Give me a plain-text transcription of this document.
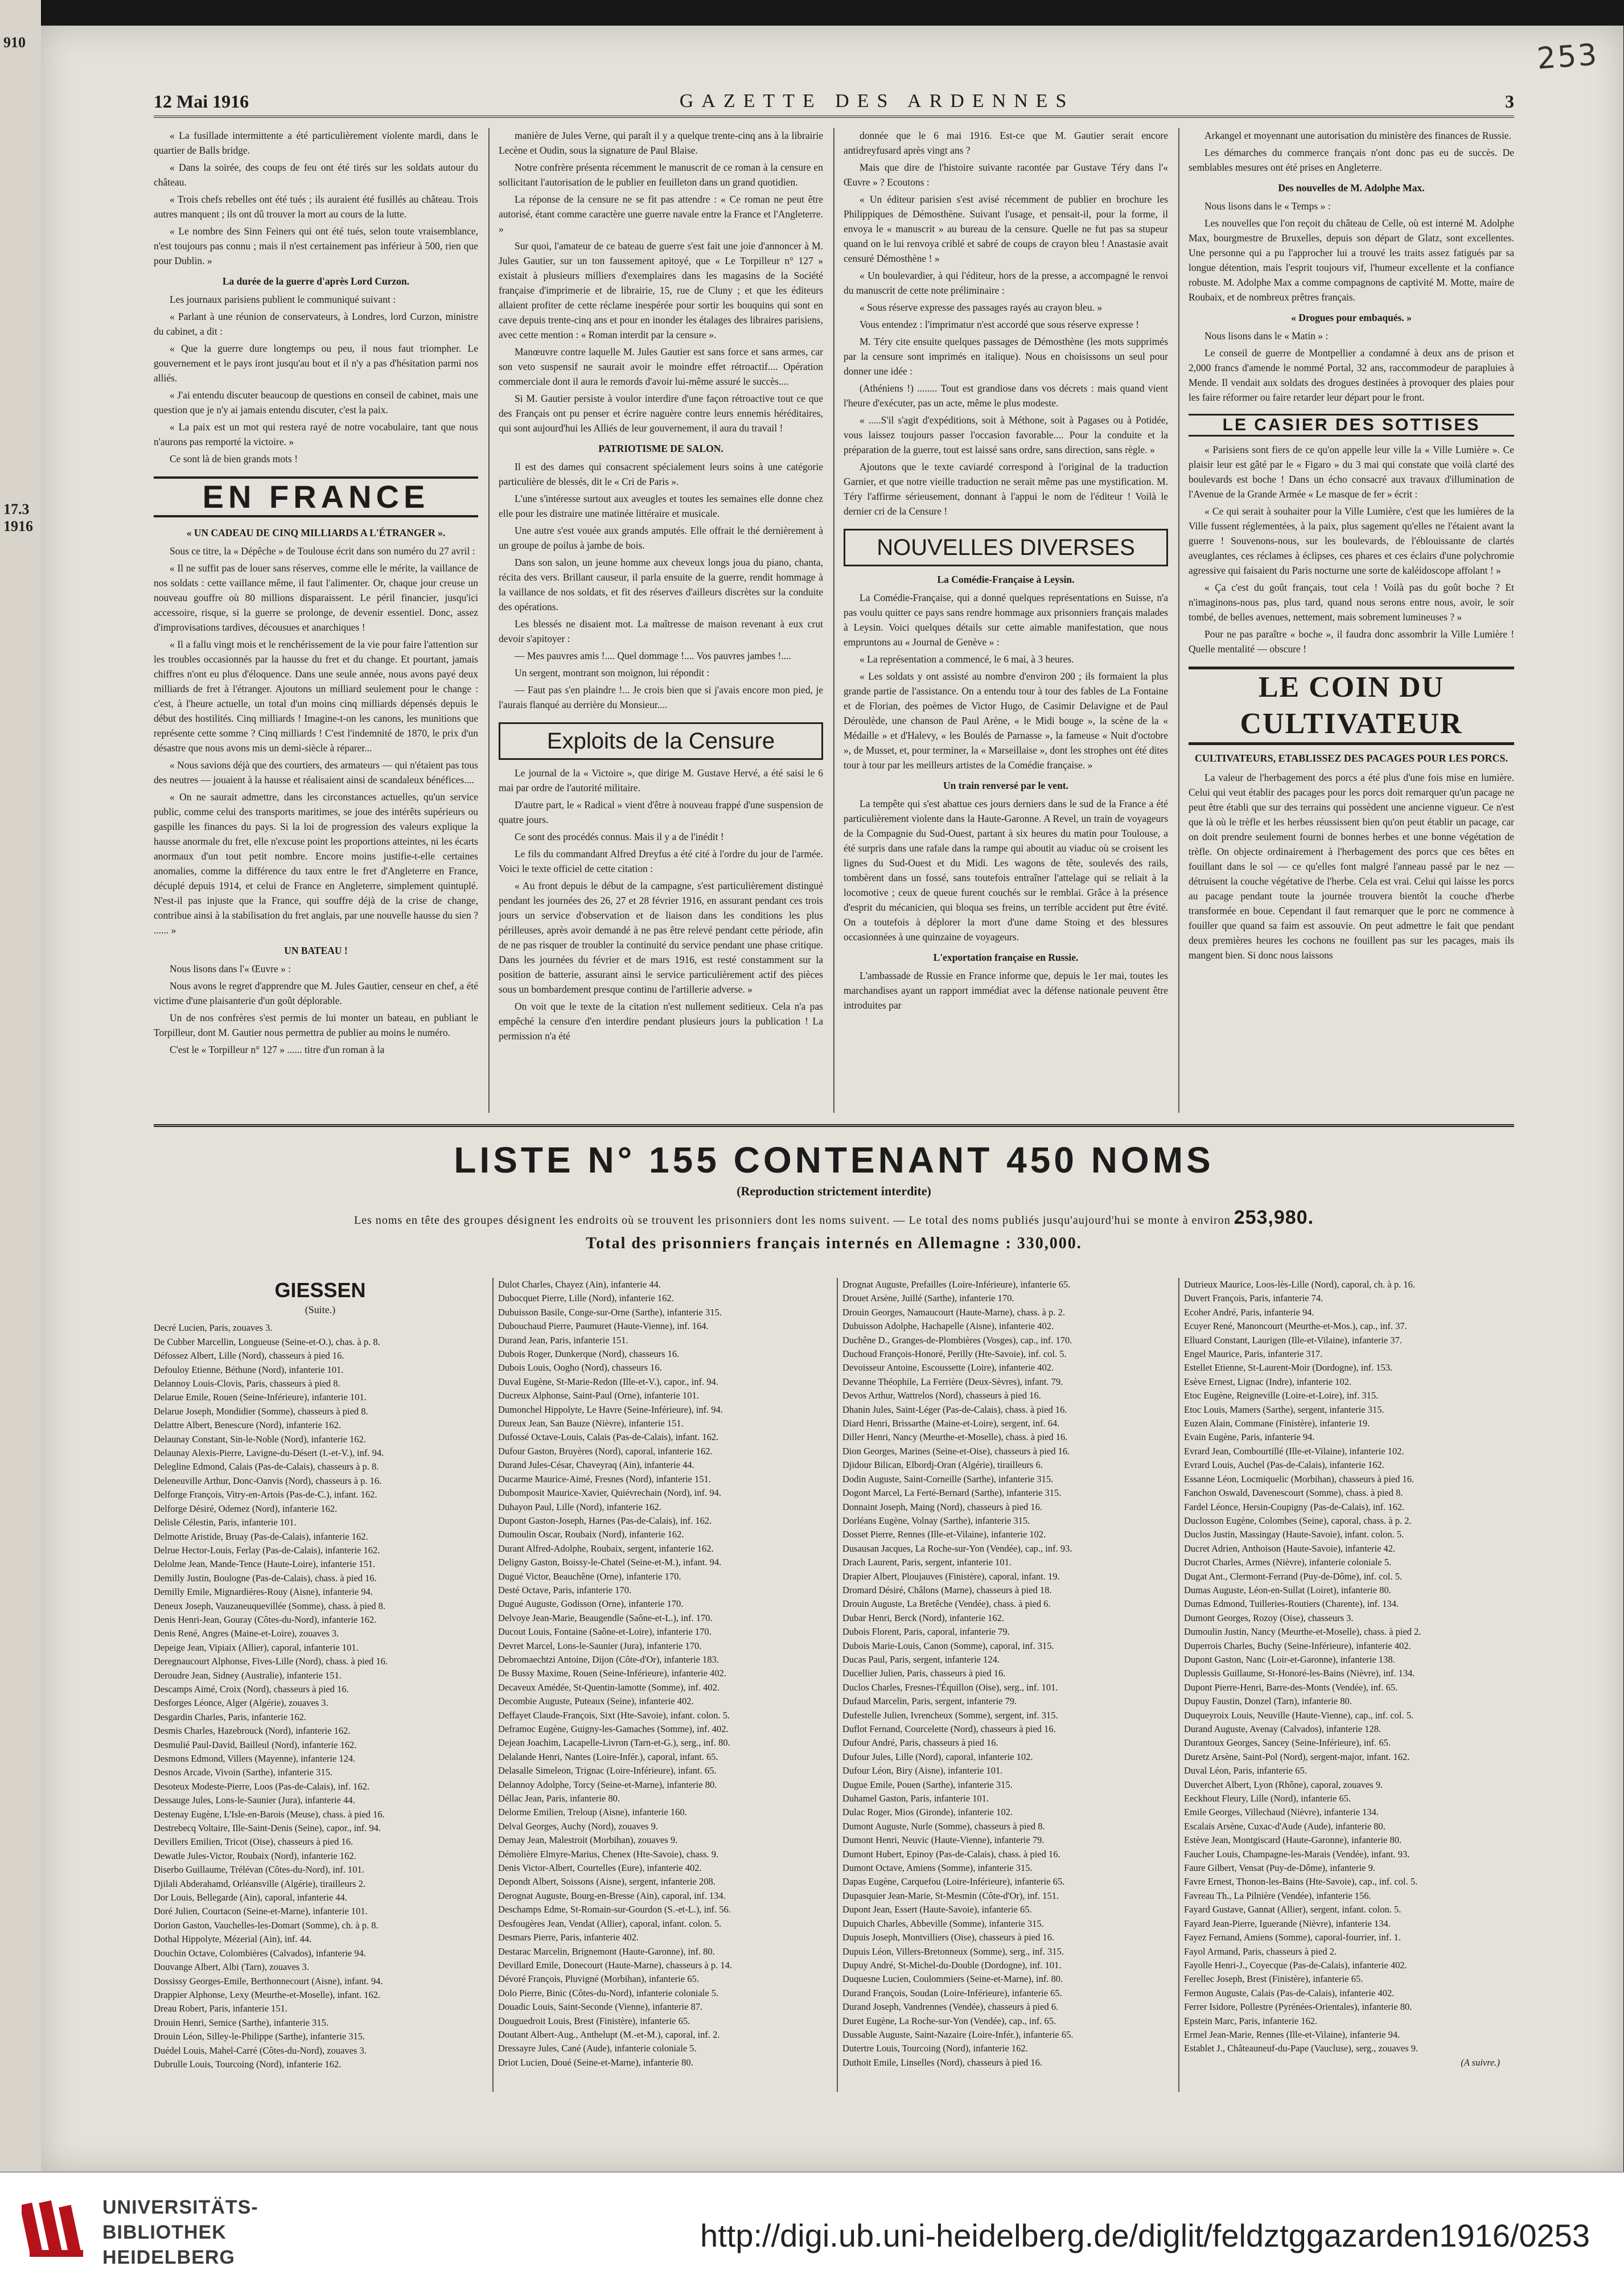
910
17.3
1916
253
12 Mai 1916	GAZETTE DES ARDENNES	3

« La fusillade intermittente a été particulièrement violente mardi, dans le quartier de Balls bridge.

« Dans la soirée, des coups de feu ont été tirés sur les soldats autour du château.

« Trois chefs rebelles ont été tués ; ils auraient été fusillés au château. Trois autres manquent ; ils ont dû trouver la mort au cours de la lutte.

« Le nombre des Sinn Feiners qui ont été tués, selon toute vraisemblance, n'est toujours pas connu ; mais il n'est certainement pas inférieur à 500, rien que pour Dublin. »

La durée de la guerre d'après Lord Curzon.

Les journaux parisiens publient le communiqué suivant :

« Parlant à une réunion de conservateurs, à Londres, lord Curzon, ministre du cabinet, a dit :

« Que la guerre dure longtemps ou peu, il nous faut triompher. Le gouvernement et le pays iront jusqu'au bout et il n'y a pas d'hésitation parmi nos alliés.

« J'ai entendu discuter beaucoup de questions en conseil de cabinet, mais une question que je n'y ai jamais entendu discuter, c'est la paix.

« La paix est un mot qui restera rayé de notre vocabulaire, tant que nous n'aurons pas remporté la victoire. »

Ce sont là de bien grands mots !

EN FRANCE

« UN CADEAU DE CINQ MILLIARDS A L'ÉTRANGER ».

Sous ce titre, la « Dépêche » de Toulouse écrit dans son numéro du 27 avril :

« Il ne suffit pas de louer sans réserves, comme elle le mérite, la vaillance de nos soldats : cette vaillance même, il faut l'alimenter. Or, chaque jour creuse un nouveau gouffre où 80 millions disparaissent. Le péril financier, jusqu'ici accessoire, risque, si la guerre se prolonge, de devenir essentiel. Donc, assez d'improvisations tardives, décousues et anarchiques !

« Il a fallu vingt mois et le renchérissement de la vie pour faire l'attention sur les troubles occasionnés par la hausse du fret et du change. Et pourtant, jamais chiffres n'ont eu plus d'éloquence. Dans une seule année, nous avons payé deux milliards de fret à l'étranger. Ajoutons un milliard seulement pour le change : c'est, à l'heure actuelle, un total d'un moins cinq milliards dépensés depuis le début des hostilités. Cinq milliards ! Imagine-t-on les canons, les munitions que représente cette somme ? Cinq milliards ! C'est l'indemnité de 1870, le prix d'un désastre que nous avons mis un demi-siècle à réparer...

« Nous savions déjà que des courtiers, des armateurs — qui n'étaient pas tous des neutres — jouaient à la hausse et réalisaient ainsi de scandaleux bénéfices....

« On ne saurait admettre, dans les circonstances actuelles, qu'un service public, comme celui des transports maritimes, se joue des intérêts supérieurs ou gaspille les finances du pays. Si la loi de progression des valeurs explique la hausse anormale du fret, elle n'excuse point les proportions atteintes, ni les écarts anormaux d'un tout petit nombre. Encore moins justifie-t-elle certaines anomalies, comme la différence du taux entre le fret d'Angleterre en France, décuplé depuis 1914, et celui de France en Angleterre, simplement quintuplé. N'est-il pas injuste que la France, qui souffre déjà de la crise de change, contribue ainsi à la stabilisation du fret anglais, par une nouvelle hausse du sien ? ...... »

UN BATEAU !

Nous lisons dans l'« Œuvre » :

Nous avons le regret d'apprendre que M. Jules Gautier, censeur en chef, a été victime d'une plaisanterie d'un goût déplorable.

Un de nos confrères s'est permis de lui monter un bateau, en publiant le Torpilleur, dont M. Gautier nous permettra de publier au moins le numéro.

C'est le « Torpilleur n° 127 » ...... titre d'un roman à la

manière de Jules Verne, qui paraît il y a quelque trente-cinq ans à la librairie Lecène et Oudin, sous la signature de Paul Blaise.

Notre confrère présenta récemment le manuscrit de ce roman à la censure en sollicitant l'autorisation de le publier en feuilleton dans un grand quotidien.

La réponse de la censure ne se fit pas attendre : « Ce roman ne peut être autorisé, étant comme caractère une guerre navale entre la France et l'Angleterre. »

Sur quoi, l'amateur de ce bateau de guerre s'est fait une joie d'annoncer à M. Jules Gautier, sur un ton faussement apitoyé, que « Le Torpilleur n° 127 » existait à plusieurs milliers d'exemplaires dans les magasins de la Société française d'imprimerie et de librairie, 15, rue de Cluny ; et que les éditeurs allaient profiter de cette réclame inespérée pour sortir les bouquins qui sont en cave depuis trente-cinq ans et pour en inonder les étalages des libraires parisiens, avec cette mention : « Roman interdit par la censure ».

Manœuvre contre laquelle M. Jules Gautier est sans force et sans armes, car son veto suspensif ne saurait avoir le moindre effet rétroactif.... Opération commerciale dont il aura le remords d'avoir lui-même assuré le succès....

Si M. Gautier persiste à voulor interdire d'une façon rétroactive tout ce que des Français ont pu penser et écrire naguère contre leurs ennemis héréditaires, qui sont aujourd'hui les Alliés de leur gouvernement, il aura du travail !

PATRIOTISME DE SALON.

Il est des dames qui consacrent spécialement leurs soins à une catégorie particulière de blessés, dit le « Cri de Paris ».

L'une s'intéresse surtout aux aveugles et toutes les semaines elle donne chez elle pour les distraire une matinée littéraire et musicale.

Une autre s'est vouée aux grands amputés. Elle offrait le thé dernièrement à un groupe de poilus à jambe de bois.

Dans son salon, un jeune homme aux cheveux longs joua du piano, chanta, récita des vers. Brillant causeur, il parla ensuite de la guerre, rendit hommage à la vaillance de nos soldats, et fit des réserves d'ailleurs discrètes sur la conduite des opérations.

Les blessés ne disaient mot. La maîtresse de maison revenant à eux crut devoir s'apitoyer :

— Mes pauvres amis !.... Quel dommage !.... Vos pauvres jambes !....

Un sergent, montrant son moignon, lui répondit :

— Faut pas s'en plaindre !... Je crois bien que si j'avais encore mon pied, je l'aurais flanqué au derrière du Monsieur....

Exploits de la Censure

Le journal de la « Victoire », que dirige M. Gustave Hervé, a été saisi le 6 mai par ordre de l'autorité militaire.

D'autre part, le « Radical » vient d'être à nouveau frappé d'une suspension de quatre jours.

Ce sont des procédés connus. Mais il y a de l'inédit !

Le fils du commandant Alfred Dreyfus a été cité à l'ordre du jour de l'armée. Voici le texte officiel de cette citation :

« Au front depuis le début de la campagne, s'est particulièrement distingué pendant les journées des 26, 27 et 28 février 1916, en assurant pendant ces trois jours un service d'observation et de liaison dans les conditions les plus périlleuses, après avoir demandé à ne pas être relevé pendant cette période, afin de ne pas risquer de troubler la continuité du service pendant une phase critique. Dans les journées du février et de mars 1916, est resté constamment sur la position de batterie, assurant ainsi le service particulièrement actif des pièces sous un bombardement presque continu de l'artillerie adverse. »

On voit que le texte de la citation n'est nullement seditieux. Cela n'a pas empêché la censure d'en interdire pendant plusieurs jours la publication ! La permission n'a été

donnée que le 6 mai 1916. Est-ce que M. Gautier serait encore antidreyfusard après vingt ans ?

Mais que dire de l'histoire suivante racontée par Gustave Téry dans l'« Œuvre » ? Ecoutons :

« Un éditeur parisien s'est avisé récemment de publier en brochure les Philippiques de Démosthène. Suivant l'usage, et pensait-il, pour la forme, il envoya le « manuscrit » au bureau de la censure. Quelle ne fut pas sa stupeur quand on le lui renvoya criblé et sabré de coups de crayon bleu ! Anastasie avait censuré Démosthène ! »

« Un boulevardier, à qui l'éditeur, hors de la presse, a accompagné le renvoi du manuscrit de cette note préliminaire :

« Sous réserve expresse des passages rayés au crayon bleu. »

Vous entendez : l'imprimatur n'est accordé que sous réserve expresse !

M. Téry cite ensuite quelques passages de Démosthène (les mots supprimés par la censure sont imprimés en italique). Nous en choisissons un seul pour donner une idée :

(Athéniens !) ........ Tout est grandiose dans vos décrets : mais quand vient l'heure d'exécuter, pas un acte, même le plus modeste.

« .....S'il s'agit d'expéditions, soit à Méthone, soit à Pagases ou à Potidée, vous laissez toujours passer l'occasion favorable.... Pour la conduite et la préparation de la guerre, tout est laissé sans ordre, sans direction, sans règle. »

Ajoutons que le texte caviardé correspond à l'original de la traduction Garnier, et que notre vieille traduction ne serait même pas une mystification. M. Téry l'affirme sérieusement, donnant à l'appui le nom de l'éditeur ! Voilà le dernier cri de la Censure !

NOUVELLES DIVERSES

La Comédie-Française à Leysin.

La Comédie-Française, qui a donné quelques représentations en Suisse, n'a pas voulu quitter ce pays sans rendre hommage aux prisonniers français malades à Leysin. Voici quelques détails sur cette aimable manifestation, que nous empruntons au « Journal de Genève » :

« La représentation a commencé, le 6 mai, à 3 heures.

« Les soldats y ont assisté au nombre d'environ 200 ; ils formaient la plus grande partie de l'assistance. On a entendu tour à tour des fables de La Fontaine et de Florian, des poèmes de Victor Hugo, de Casimir Delavigne et de Paul Déroulède, une chanson de Paul Arène, « le Midi bouge », la scène de la « Médaille » et d'Halevy, « les Boulés de Parnasse », la fameuse « Nuit d'octobre », de Musset, et, pour terminer, la « Marseillaise », dont les strophes ont été dites tour à tour par les meilleurs artistes de la Comédie française. »

Un train renversé par le vent.

La tempête qui s'est abattue ces jours derniers dans le sud de la France a été particulièrement violente dans la Haute-Garonne. A Revel, un train de voyageurs de la Compagnie du Sud-Ouest, partant à six heures du matin pour Toulouse, a été surpris dans une rafale dans la rampe qui aboutit au viaduc où se croisent les lignes du Sud-Ouest et du Midi. Les wagons de tête, soulevés des rails, tombèrent dans un fossé, sans toutefois entraîner l'attelage qui se reliait à la locomotive ; ceux de queue furent couchés sur le remblai. Grâce à la présence d'esprit du mécanicien, qui bloqua ses freins, un terrible accident put être évité. On a toutefois à déplorer la mort d'une dame Stoing et des blessures occasionnées à une quinzaine de voyageurs.

L'exportation française en Russie.

L'ambassade de Russie en France informe que, depuis le 1er mai, toutes les marchandises ayant un rapport immédiat avec la défense nationale peuvent être introduites par

Arkangel et moyennant une autorisation du ministère des finances de Russie.

Les démarches du commerce français n'ont donc pas eu de succès. De semblables mesures ont été prises en Angleterre.

Des nouvelles de M. Adolphe Max.

Nous lisons dans le « Temps » :

Les nouvelles que l'on reçoit du château de Celle, où est interné M. Adolphe Max, bourgmestre de Bruxelles, depuis son départ de Glatz, sont excellentes. Une personne qui a pu l'approcher lui a trouvé les traits assez fatigués par sa longue détention, mais l'esprit toujours vif, l'humeur excellente et la confiance robuste. M. Adolphe Max a comme compagnons de captivité M. Motte, maire de Roubaix, et de nombreux prêtres français.

« Drogues pour embaqués. »

Nous lisons dans le « Matin » :

Le conseil de guerre de Montpellier a condamné à deux ans de prison et 2,000 francs d'amende le nommé Portal, 32 ans, raccommodeur de parapluies à Mende. Il vendait aux soldats des drogues destinées à provoquer des plaies pour les faire réformer ou faire retarder leur départ pour le front.

LE CASIER DES SOTTISES

« Parisiens sont fiers de ce qu'on appelle leur ville la « Ville Lumière ». Ce plaisir leur est gâté par le « Figaro » du 3 mai qui constate que voilà clarté des boulevards est boche ! Dans un écho consacré aux travaux d'illumination de l'Avenue de la Grande Armée « Le masque de fer » écrit :

« Ce qui serait à souhaiter pour la Ville Lumière, c'est que les lumières de la Ville fussent réglementées, à la paix, plus sagement qu'elles ne l'étaient avant la guerre ! Souvenons-nous, sur les boulevards, de l'éblouissante de clartés aveuglantes, ces réclames à éclipses, ces phares et ces éclairs d'une polychromie agressive qui faisaient du Paris nocturne une sorte de kaléidoscope affolant ! »

« Ça c'est du goût français, tout cela ! Voilà pas du goût boche ? Et n'imaginons-nous pas, plus tard, quand nous serons entre nous, avoir, le soir tombé, de belles avenues, nettement, mais sobrement lumineuses ? »

Pour ne pas paraître « boche », il faudra donc assombrir la Ville Lumière ! Quelle mentalité — obscure !

LE COIN DU CULTIVATEUR

CULTIVATEURS, ETABLISSEZ DES PACAGES POUR LES PORCS.

La valeur de l'herbagement des porcs a été plus d'une fois mise en lumière. Celui qui veut établir des pacages pour les porcs doit remarquer qu'un pacage ne peut être établi que sur des terrains qui possèdent une ancienne vigueur. Ce n'est que là où le trèfle et les herbes réussissent bien qu'on peut établir un pacage, car on doit prendre seulement fourni de bonnes herbes et une bonne végétation de trèfle. On objecte ordinairement à l'herbagement des porcs que ces bêtes en fouillant dans le sol — ce qu'elles font malgré l'anneau passé par le nez — détruisent la couche végétative de l'herbe. Cela est vrai. Celui qui laisse les porcs au pacage pendant toute la journée trouvera bientôt la couche d'herbe transformée en boue. Cependant il faut remarquer que le porc ne commence à fouiller que quand sa faim est assouvie. On peut admettre le fait que pendant deux premières heures les cochons ne fouillent pas sur les pacages, mais ils mangent bien. Si donc nous laissons

LISTE N° 155 CONTENANT 450 NOMS
(Reproduction strictement interdite)
Les noms en tête des groupes désignent les endroits où se trouvent les prisonniers dont les noms suivent. — Le total des noms publiés jusqu'aujourd'hui se monte à environ 253,980.
Total des prisonniers français internés en Allemagne : 330,000.
GIESSEN
(Suite.)
Decré Lucien, Paris, zouaves 3.
De Cubber Marcellin, Longueuse (Seine-et-O.), chas. à p. 8.
Défossez Albert, Lille (Nord), chasseurs à pied 16.
Defouloy Etienne, Béthune (Nord), infanterie 101.
Delannoy Louis-Clovis, Paris, chasseurs à pied 8.
Delarue Emile, Rouen (Seine-Inférieure), infanterie 101.
Delarue Joseph, Mondidier (Somme), chasseurs à pied 8.
Delattre Albert, Benescure (Nord), infanterie 162.
Delaunay Constant, Sin-le-Noble (Nord), infanterie 162.
Delaunay Alexis-Pierre, Lavigne-du-Désert (I.-et-V.), inf. 94.
Delegline Edmond, Calais (Pas-de-Calais), chasseurs à p. 8.
Deleneuville Arthur, Donc-Oanvis (Nord), chasseurs à p. 16.
Delforge François, Vitry-en-Artois (Pas-de-C.), infant. 162.
Delforge Désiré, Odemez (Nord), infanterie 162.
Delisle Célestin, Paris, infanterie 101.
Delmotte Aristide, Bruay (Pas-de-Calais), infanterie 162.
Delrue Hector-Louis, Ferlay (Pas-de-Calais), infanterie 162.
Delolme Jean, Mande-Tence (Haute-Loire), infanterie 151.
Demilly Justin, Boulogne (Pas-de-Calais), chass. à pied 16.
Demilly Emile, Mignardiéres-Rouy (Aisne), infanterie 94.
Deneux Joseph, Vauzaneuquevillée (Somme), chass. à pied 8.
Denis Henri-Jean, Gouray (Côtes-du-Nord), infanterie 162.
Denis René, Angres (Maine-et-Loire), zouaves 3.
Depeige Jean, Vipiaix (Allier), caporal, infanterie 101.
Deregnaucourt Alphonse, Fives-Lille (Nord), chass. à pied 16.
Deroudre Jean, Sidney (Australie), infanterie 151.
Descamps Aimé, Croix (Nord), chasseurs à pied 16.
Desforges Léonce, Alger (Algérie), zouaves 3.
Desgardin Charles, Paris, infanterie 162.
Desmis Charles, Hazebrouck (Nord), infanterie 162.
Desmulié Paul-David, Bailleul (Nord), infanterie 162.
Desmons Edmond, Villers (Mayenne), infanterie 124.
Desnos Arcade, Vivoin (Sarthe), infanterie 315.
Desoteux Modeste-Pierre, Loos (Pas-de-Calais), inf. 162.
Dessauge Jules, Lons-le-Saunier (Jura), infanterie 44.
Destenay Eugène, L'Isle-en-Barois (Meuse), chass. à pied 16.
Destrebecq Voltaire, Ille-Saint-Denis (Seine), capor., inf. 94.
Devillers Emilien, Tricot (Oise), chasseurs à pied 16.
Dewatle Jules-Victor, Roubaix (Nord), infanterie 162.
Diserbo Guillaume, Trélévan (Côtes-du-Nord), inf. 101.
Djilali Abderahamd, Orléansville (Algérie), tirailleurs 2.
Dor Louis, Bellegarde (Ain), caporal, infanterie 44.
Doré Julien, Courtacon (Seine-et-Marne), infanterie 101.
Dorion Gaston, Vauchelles-les-Domart (Somme), ch. à p. 8.
Dothal Hippolyte, Mézerial (Ain), inf. 44.
Douchin Octave, Colombières (Calvados), infanterie 94.
Douvange Albert, Albi (Tarn), zouaves 3.
Dossissy Georges-Emile, Berthonnecourt (Aisne), infant. 94.
Drappier Alphonse, Lexy (Meurthe-et-Moselle), infant. 162.
Dreau Robert, Paris, infanterie 151.
Drouin Henri, Semice (Sarthe), infanterie 315.
Drouin Léon, Silley-le-Philippe (Sarthe), infanterie 315.
Duédel Louis, Mahel-Carré (Côtes-du-Nord), zouaves 3.
Dubrulle Louis, Tourcoing (Nord), infanterie 162.
Dulot Charles, Chayez (Ain), infanterie 44.
Dubocquet Pierre, Lille (Nord), infanterie 162.
Dubuisson Basile, Conge-sur-Orne (Sarthe), infanterie 315.
Dubouchaud Pierre, Paumuret (Haute-Vienne), inf. 164.
Durand Jean, Paris, infanterie 151.
Dubois Roger, Dunkerque (Nord), chasseurs 16.
Dubois Louis, Oogho (Nord), chasseurs 16.
Duval Eugène, St-Marie-Redon (Ille-et-V.), capor., inf. 94.
Ducreux Alphonse, Saint-Paul (Orne), infanterie 101.
Dumonchel Hippolyte, Le Havre (Seine-Inférieure), inf. 94.
Dureux Jean, San Bauze (Nièvre), infanterie 151.
Dufossé Octave-Louis, Calais (Pas-de-Calais), infant. 162.
Dufour Gaston, Bruyères (Nord), caporal, infanterie 162.
Durand Jules-César, Chaveyraq (Ain), infanterie 44.
Ducarme Maurice-Aimé, Fresnes (Nord), infanterie 151.
Dubomposit Maurice-Xavier, Quiévrechain (Nord), inf. 94.
Duhayon Paul, Lille (Nord), infanterie 162.
Dupont Gaston-Joseph, Harnes (Pas-de-Calais), inf. 162.
Dumoulin Oscar, Roubaix (Nord), infanterie 162.
Durant Alfred-Adolphe, Roubaix, sergent, infanterie 162.
Deligny Gaston, Boissy-le-Chatel (Seine-et-M.), infant. 94.
Dugué Victor, Beauchêne (Orne), infanterie 170.
Desté Octave, Paris, infanterie 170.
Dugué Auguste, Godisson (Orne), infanterie 170.
Delvoye Jean-Marie, Beaugendle (Saône-et-L.), inf. 170.
Ducout Louis, Fontaine (Saône-et-Loire), infanterie 170.
Devret Marcel, Lons-le-Saunier (Jura), infanterie 170.
Debromaechtzi Antoine, Dijon (Côte-d'Or), infanterie 183.
De Bussy Maxime, Rouen (Seine-Inférieure), infanterie 402.
Decaveux Amédée, St-Quentin-lamotte (Somme), inf. 402.
Decombie Auguste, Puteaux (Seine), infanterie 402.
Deffayet Claude-François, Sixt (Hte-Savoie), infant. colon. 5.
Deframoc Eugène, Guigny-les-Gamaches (Somme), inf. 402.
Dejean Joachim, Lacapelle-Livron (Tarn-et-G.), serg., inf. 80.
Delalande Henri, Nantes (Loire-Infér.), caporal, infant. 65.
Delasalle Simeleon, Trignac (Loire-Inférieure), infant. 65.
Delannoy Adolphe, Torcy (Seine-et-Marne), infanterie 80.
Déllac Jean, Paris, infanterie 80.
Delorme Emilien, Treloup (Aisne), infanterie 160.
Delval Georges, Auchy (Nord), zouaves 9.
Demay Jean, Malestroit (Morbihan), zouaves 9.
Démolière Elmyre-Marius, Chenex (Hte-Savoie), chass. 9.
Denis Victor-Albert, Courtelles (Eure), infanterie 402.
Depondt Albert, Soissons (Aisne), sergent, infanterie 208.
Derognat Auguste, Bourg-en-Bresse (Ain), caporal, inf. 134.
Deschamps Edme, St-Romain-sur-Gourdon (S.-et-L.), inf. 56.
Desfougères Jean, Vendat (Allier), caporal, infant. colon. 5.
Desmars Pierre, Paris, infanterie 402.
Destarac Marcelin, Brignemont (Haute-Garonne), inf. 80.
Devillard Emile, Donecourt (Haute-Marne), chasseurs à p. 14.
Dévoré François, Pluvigné (Morbihan), infanterie 65.
Dolo Pierre, Binic (Côtes-du-Nord), infanterie coloniale 5.
Douadic Louis, Saint-Seconde (Vienne), infanterie 87.
Douguedroit Louis, Brest (Finistère), infanterie 65.
Doutant Albert-Aug., Anthelupt (M.-et-M.), caporal, inf. 2.
Dressayre Jules, Cané (Aude), infanterie coloniale 5.
Driot Lucien, Doué (Seine-et-Marne), infanterie 80.
Drognat Auguste, Prefailles (Loire-Inférieure), infanterie 65.
Drouet Arsène, Juillé (Sarthe), infanterie 170.
Drouin Georges, Namaucourt (Haute-Marne), chass. à p. 2.
Dubuisson Adolphe, Hachapelle (Aisne), infanterie 402.
Duchêne D., Granges-de-Plombières (Vosges), cap., inf. 170.
Duchoud François-Honoré, Perilly (Hte-Savoie), inf. col. 5.
Devoisseur Antoine, Escoussette (Loire), infanterie 402.
Devanne Théophile, La Ferrière (Deux-Sèvres), infant. 79.
Devos Arthur, Wattrelos (Nord), chasseurs à pied 16.
Dhanin Jules, Saint-Léger (Pas-de-Calais), chass. à pied 16.
Diard Henri, Brissarthe (Maine-et-Loire), sergent, inf. 64.
Diller Henri, Nancy (Meurthe-et-Moselle), chass. à pied 16.
Dion Georges, Marines (Seine-et-Oise), chasseurs à pied 16.
Djidour Bilican, Elbordj-Oran (Algérie), tirailleurs 6.
Dodin Auguste, Saint-Corneille (Sarthe), infanterie 315.
Dogont Marcel, La Ferté-Bernard (Sarthe), infanterie 315.
Donnaint Joseph, Maing (Nord), chasseurs à pied 16.
Dorléans Eugène, Volnay (Sarthe), infanterie 315.
Dosset Pierre, Rennes (Ille-et-Vilaine), infanterie 102.
Dusausan Jacques, La Roche-sur-Yon (Vendée), cap., inf. 93.
Drach Laurent, Paris, sergent, infanterie 101.
Drapier Albert, Ploujauves (Finistère), caporal, infant. 19.
Dromard Désiré, Châlons (Marne), chasseurs à pied 18.
Drouin Auguste, La Bretêche (Vendée), chass. à pied 6.
Dubar Henri, Berck (Nord), infanterie 162.
Dubois Florent, Paris, caporal, infanterie 79.
Dubois Marie-Louis, Canon (Somme), caporal, inf. 315.
Ducas Paul, Paris, sergent, infanterie 124.
Ducellier Julien, Paris, chasseurs à pied 16.
Duclos Charles, Fresnes-l'Équillon (Oise), serg., inf. 101.
Dufaud Marcelin, Paris, sergent, infanterie 79.
Dufestelle Julien, Ivrencheux (Somme), sergent, inf. 315.
Duflot Fernand, Courcelette (Nord), chasseurs à pied 16.
Dufour André, Paris, chasseurs à pied 16.
Dufour Jules, Lille (Nord), caporal, infanterie 102.
Dufour Léon, Biry (Aisne), infanterie 101.
Dugue Emile, Pouen (Sarthe), infanterie 315.
Duhamel Gaston, Paris, infanterie 101.
Dulac Roger, Mios (Gironde), infanterie 102.
Dumont Auguste, Nurle (Somme), chasseurs à pied 8.
Dumont Henri, Neuvic (Haute-Vienne), infanterie 79.
Dumont Hubert, Epinoy (Pas-de-Calais), chass. à pied 16.
Dumont Octave, Amiens (Somme), infanterie 315.
Dapas Eugène, Carquefou (Loire-Inférieure), infanterie 65.
Dupasquier Jean-Marie, St-Mesmin (Côte-d'Or), inf. 151.
Dupont Jean, Essert (Haute-Savoie), infanterie 65.
Dupuich Charles, Abbeville (Somme), infanterie 315.
Dupuis Joseph, Montvilliers (Oise), chasseurs à pied 16.
Dupuis Léon, Villers-Bretonneux (Somme), serg., inf. 315.
Dupuy André, St-Michel-du-Double (Dordogne), inf. 101.
Duquesne Lucien, Coulommiers (Seine-et-Marne), inf. 80.
Durand François, Soudan (Loire-Inférieure), infanterie 65.
Durand Joseph, Vandrennes (Vendée), chasseurs à pied 6.
Duret Eugène, La Roche-sur-Yon (Vendée), cap., inf. 65.
Dussable Auguste, Saint-Nazaire (Loire-Infér.), infanterie 65.
Dutertre Louis, Tourcoing (Nord), infanterie 162.
Duthoit Emile, Linselles (Nord), chasseurs à pied 16.
Dutrieux Maurice, Loos-lès-Lille (Nord), caporal, ch. à p. 16.
Duvert François, Paris, infanterie 74.
Ecoher André, Paris, infanterie 94.
Ecuyer René, Manoncourt (Meurthe-et-Mos.), cap., inf. 37.
Elluard Constant, Laurigen (Ille-et-Vilaine), infanterie 37.
Engel Maurice, Paris, infanterie 317.
Estellet Etienne, St-Laurent-Moir (Dordogne), inf. 153.
Esève Ernest, Lignac (Indre), infanterie 102.
Etoc Eugène, Reigneville (Loire-et-Loire), inf. 315.
Etoc Louis, Mamers (Sarthe), sergent, infanterie 315.
Euzen Alain, Commane (Finistère), infanterie 19.
Evain Eugène, Paris, infanterie 94.
Evrard Jean, Combourtillé (Ille-et-Vilaine), infanterie 102.
Evrard Louis, Auchel (Pas-de-Calais), infanterie 162.
Essanne Léon, Locmiquelic (Morbihan), chasseurs à pied 16.
Fanchon Oswald, Davenescourt (Somme), chass. à pied 8.
Fardel Léonce, Hersin-Coupigny (Pas-de-Calais), inf. 162.
Duclosson Eugène, Colombes (Seine), caporal, chass. à p. 2.
Duclos Justin, Massingay (Haute-Savoie), infant. colon. 5.
Ducret Adrien, Anthoison (Haute-Savoie), infanterie 42.
Ducrot Charles, Armes (Nièvre), infanterie coloniale 5.
Dugat Ant., Clermont-Ferrand (Puy-de-Dôme), inf. col. 5.
Dumas Auguste, Léon-en-Sullat (Loiret), infanterie 80.
Dumas Edmond, Tuilleries-Routiers (Charente), inf. 134.
Dumont Georges, Rozoy (Oise), chasseurs 3.
Dumoulin Justin, Nancy (Meurthe-et-Moselle), chass. à pied 2.
Duperrois Charles, Buchy (Seine-Inférieure), infanterie 402.
Dupont Gaston, Nanc (Loir-et-Garonne), infanterie 138.
Duplessis Guillaume, St-Honoré-les-Bains (Nièvre), inf. 134.
Dupont Pierre-Henri, Barre-des-Monts (Vendée), inf. 65.
Dupuy Faustin, Donzel (Tarn), infanterie 80.
Duqueyroix Louis, Neuville (Haute-Vienne), cap., inf. col. 5.
Durand Auguste, Avenay (Calvados), infanterie 128.
Durantoux Georges, Sancey (Seine-Inférieure), inf. 65.
Duretz Arsène, Saint-Pol (Nord), sergent-major, infant. 162.
Duval Léon, Paris, infanterie 65.
Duverchet Albert, Lyon (Rhône), caporal, zouaves 9.
Eeckhout Fleury, Lille (Nord), infanterie 65.
Emile Georges, Villechaud (Nièvre), infanterie 134.
Escalais Arsène, Cuxac-d'Aude (Aude), infanterie 80.
Estève Jean, Montgiscard (Haute-Garonne), infanterie 80.
Faucher Louis, Champagne-les-Marais (Vendée), infant. 93.
Faure Gilbert, Vensat (Puy-de-Dôme), infanterie 9.
Favre Ernest, Thonon-les-Bains (Hte-Savoie), cap., inf. col. 5.
Favreau Th., La Pilnière (Vendée), infanterie 156.
Fayard Gustave, Gannat (Allier), sergent, infant. colon. 5.
Fayard Jean-Pierre, Iguerande (Nièvre), infanterie 134.
Fayez Fernand, Amiens (Somme), caporal-fourrier, inf. 1.
Fayol Armand, Paris, chasseurs à pied 2.
Fayolle Henri-J., Coyecque (Pas-de-Calais), infanterie 402.
Ferellec Joseph, Brest (Finistère), infanterie 65.
Fermon Auguste, Calais (Pas-de-Calais), infanterie 402.
Ferrer Isidore, Pollestre (Pyrénées-Orientales), infanterie 80.
Epstein Marc, Paris, infanterie 162.
Ermel Jean-Marie, Rennes (Ille-et-Vilaine), infanterie 94.
Establet J., Châteauneuf-du-Pape (Vaucluse), serg., zouaves 9.
(A suivre.)
UNIVERSITÄTS-
BIBLIOTHEK
HEIDELBERG
http://digi.ub.uni-heidelberg.de/diglit/feldztggazarden1916/0253
